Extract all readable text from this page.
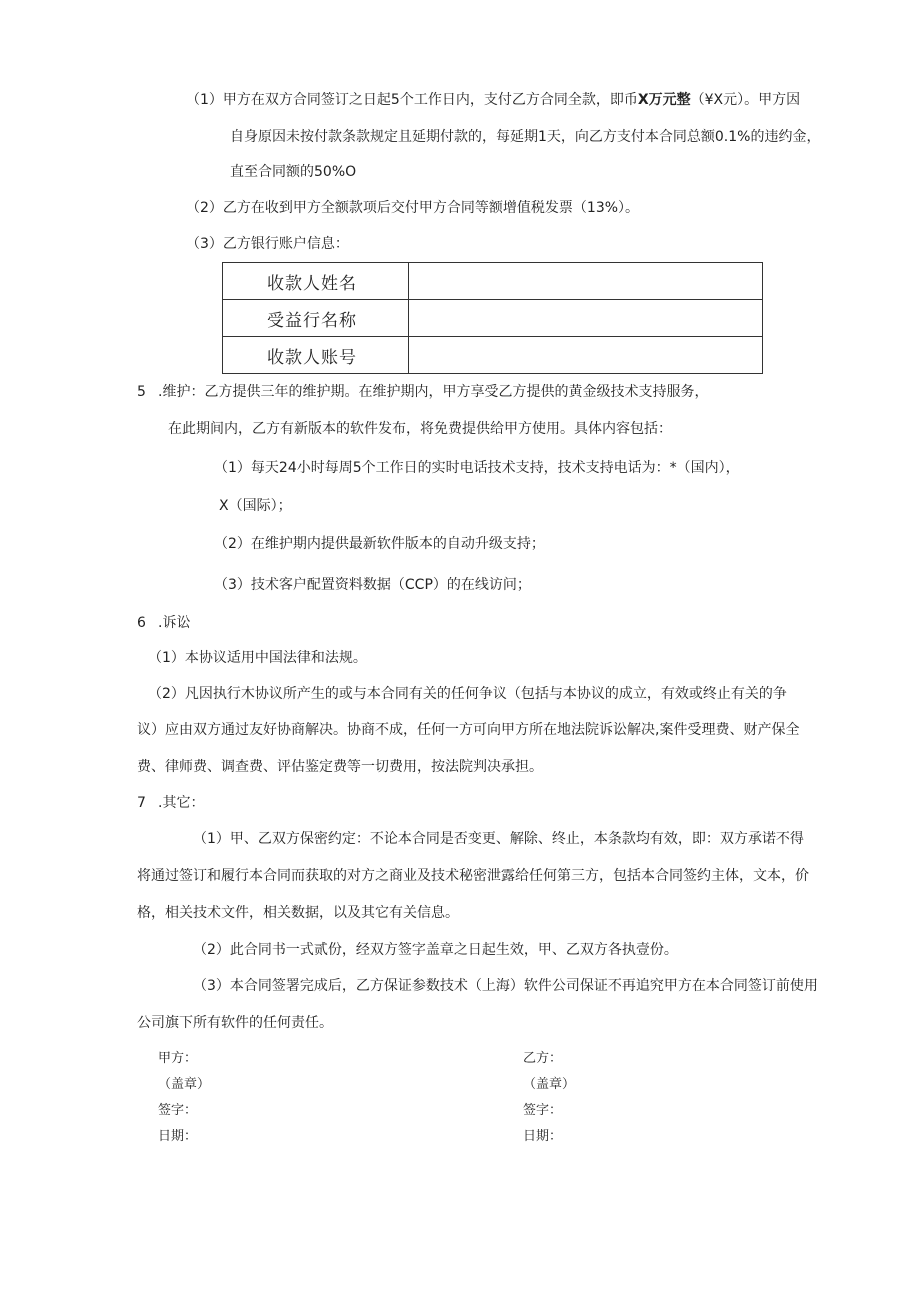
（1）甲方在双方合同签订之日起5个工作日内，支付乙方合同全款，即币X万元整（¥X元）。甲方因
自身原因未按付款条款规定且延期付款的，每延期1天，向乙方支付本合同总额0.1%的违约金，
直至合同额的50%O
（2）乙方在收到甲方全额款项后交付甲方合同等额增值税发票（13%）。
（3）乙方银行账户信息：
收款人姓名	
受益行名称	
收款人账号	
5 .维护：乙方提供三年的维护期。在维护期内，甲方享受乙方提供的黄金级技术支持服务，
在此期间内，乙方有新版本的软件发布，将免费提供给甲方使用。具体内容包括：
（1）每天24小时每周5个工作日的实时电话技术支持，技术支持电话为：*（国内），
X（国际）；
（2）在维护期内提供最新软件版本的自动升级支持；
（3）技术客户配置资料数据（CCP）的在线访问；
6 .诉讼
（1）本协议适用中国法律和法规。
（2）凡因执行木协议所产生的或与本合同有关的任何争议（包括与本协议的成立，有效或终止有关的争
议）应由双方通过友好协商解决。协商不成，任何一方可向甲方所在地法院诉讼解决,案件受理费、财产保全
费、律师费、调查费、评估鉴定费等一切费用，按法院判决承担。
7 .其它：
（1）甲、乙双方保密约定：不论本合同是否变更、解除、终止，本条款均有效，即：双方承诺不得
将通过签订和履行本合同而获取的对方之商业及技术秘密泄露给任何第三方，包括本合同签约主体，文本，价
格，相关技术文件，相关数据，以及其它有关信息。
（2）此合同书一式贰份，经双方签字盖章之日起生效，甲、乙双方各执壹份。
（3）本合同签署完成后，乙方保证参数技术（上海）软件公司保证不再追究甲方在本合同签订前使用
公司旗下所有软件的任何责任。
甲方：
（盖章）
签字：
日期：
乙方：
（盖章）
签字：
日期：
